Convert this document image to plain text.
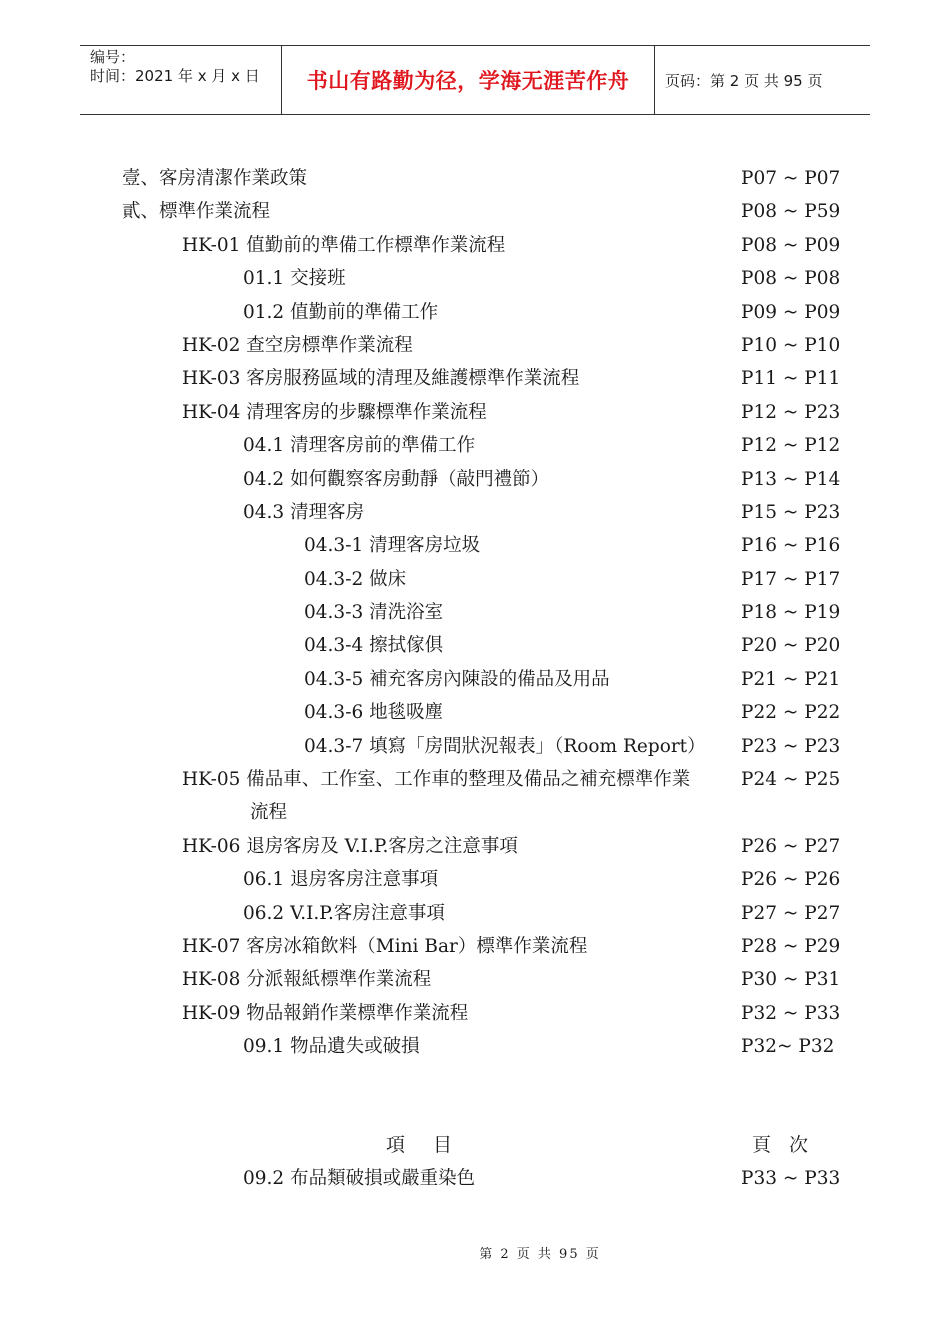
编号：
时间：2021 年 x 月 x 日	书山有路勤为径，学海无涯苦作舟	页码：第 2 页 共 95 页
壹、客房清潔作業政策	P07 ~ P07
貳、標準作業流程	P08 ~ P59
HK-01 值勤前的準備工作標準作業流程	P08 ~ P09
01.1 交接班	P08 ~ P08
01.2 值勤前的準備工作	P09 ~ P09
HK-02 查空房標準作業流程	P10 ~ P10
HK-03 客房服務區域的清理及維護標準作業流程	P11 ~ P11
HK-04 清理客房的步驟標準作業流程	P12 ~ P23
04.1 清理客房前的準備工作	P12 ~ P12
04.2 如何觀察客房動靜（敲門禮節）	P13 ~ P14
04.3 清理客房	P15 ~ P23
04.3-1 清理客房垃圾	P16 ~ P16
04.3-2 做床	P17 ~ P17
04.3-3 清洗浴室	P18 ~ P19
04.3-4 擦拭傢俱	P20 ~ P20
04.3-5 補充客房內陳設的備品及用品	P21 ~ P21
04.3-6 地毯吸塵	P22 ~ P22
04.3-7 填寫「房間狀況報表」（Room Report） P23 ~ P23
HK-05 備品車、工作室、工作車的整理及備品之補充標準作業	P24 ~ P25
流程
HK-06 退房客房及 V.I.P.客房之注意事項	P26 ~ P27
06.1 退房客房注意事項	P26 ~ P26
06.2 V.I.P.客房注意事項	P27 ~ P27
HK-07 客房冰箱飲料（Mini Bar）標準作業流程	P28 ~ P29
HK-08 分派報紙標準作業流程	P30 ~ P31
HK-09 物品報銷作業標準作業流程	P32 ~ P33
09.1 物品遺失或破損	P32~ P32
項目	頁次
09.2 布品類破損或嚴重染色	P33 ~ P33
第 2 页 共 95 页
